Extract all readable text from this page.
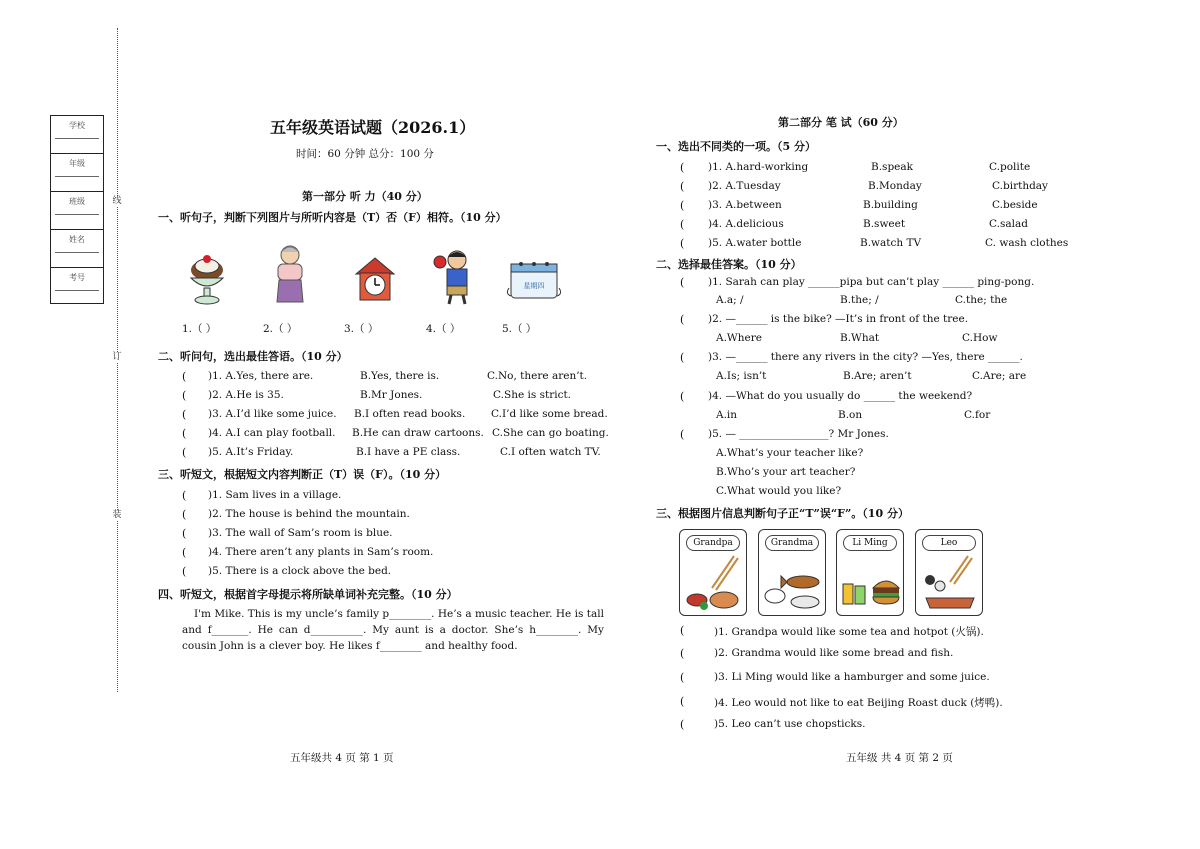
线
订
装
学校
年级
班级
姓名
考号
五年级英语试题（2026.1）
时间：60 分钟 总分：100 分
第一部分 听 力（40 分）
一、听句子，判断下列图片与所听内容是（T）否（F）相符。（10 分）
星期四
1.（ ）	2.（ ）	3.（ ）	4.（ ）	5.（ ）
二、听问句，选出最佳答语。（10 分）
( )1. A.Yes, there are.	B.Yes, there is.	C.No, there aren’t.
( )2. A.He is 35.	B.Mr Jones.	C.She is strict.
( )3. A.I’d like some juice. B.I often read books. C.I’d like some bread.
( )4. A.I can play football. B.He can draw cartoons. C.She can go boating.
( )5. A.It’s Friday.	B.I have a PE class.	C.I often watch TV.
三、听短文，根据短文内容判断正（T）误（F）。（10 分）
( )1. Sam lives in a village.
( )2. The house is behind the mountain.
( )3. The wall of Sam’s room is blue.
( )4. There aren’t any plants in Sam’s room.
( )5. There is a clock above the bed.
四、听短文，根据首字母提示将所缺单词补充完整。（10 分）
I'm Mike. This is my uncle’s family p________. He’s a music teacher. He is tall and f_______. He can d__________. My aunt is a doctor. She’s h________. My cousin John is a clever boy. He likes f________ and healthy food.
五年级共 4 页 第 1 页
第二部分 笔 试（60 分）
一、选出不同类的一项。（5 分）
( )1. A.hard-working	B.speak	C.polite
( )2. A.Tuesday	B.Monday	C.birthday
( )3. A.between	B.building	C.beside
( )4. A.delicious	B.sweet	C.salad
( )5. A.water bottle	B.watch TV	C. wash clothes
二、选择最佳答案。（10 分）
( )1. Sarah can play ______pipa but can’t play ______ ping-pong.
A.a; /	B.the; /	C.the; the
( )2. —______ is the bike? —It’s in front of the tree.
A.Where	B.What	C.How
( )3. —______ there any rivers in the city? —Yes, there ______.
A.Is; isn’t	B.Are; aren’t	C.Are; are
( )4. —What do you usually do ______ the weekend?
A.in	B.on	C.for
( )5. — _________________? Mr Jones.
A.What’s your teacher like?
B.Who’s your art teacher?
C.What would you like?
三、根据图片信息判断句子正“T”误“F”。（10 分）
Grandpa	Grandma	Li Ming	Leo
(	)1. Grandpa would like some tea and hotpot (火锅).
(	)2. Grandma would like some bread and fish.
(	)3. Li Ming would like a hamburger and some juice.
(	)4. Leo would not like to eat Beijing Roast duck (烤鸭).
(	)5. Leo can’t use chopsticks.
五年级 共 4 页 第 2 页
